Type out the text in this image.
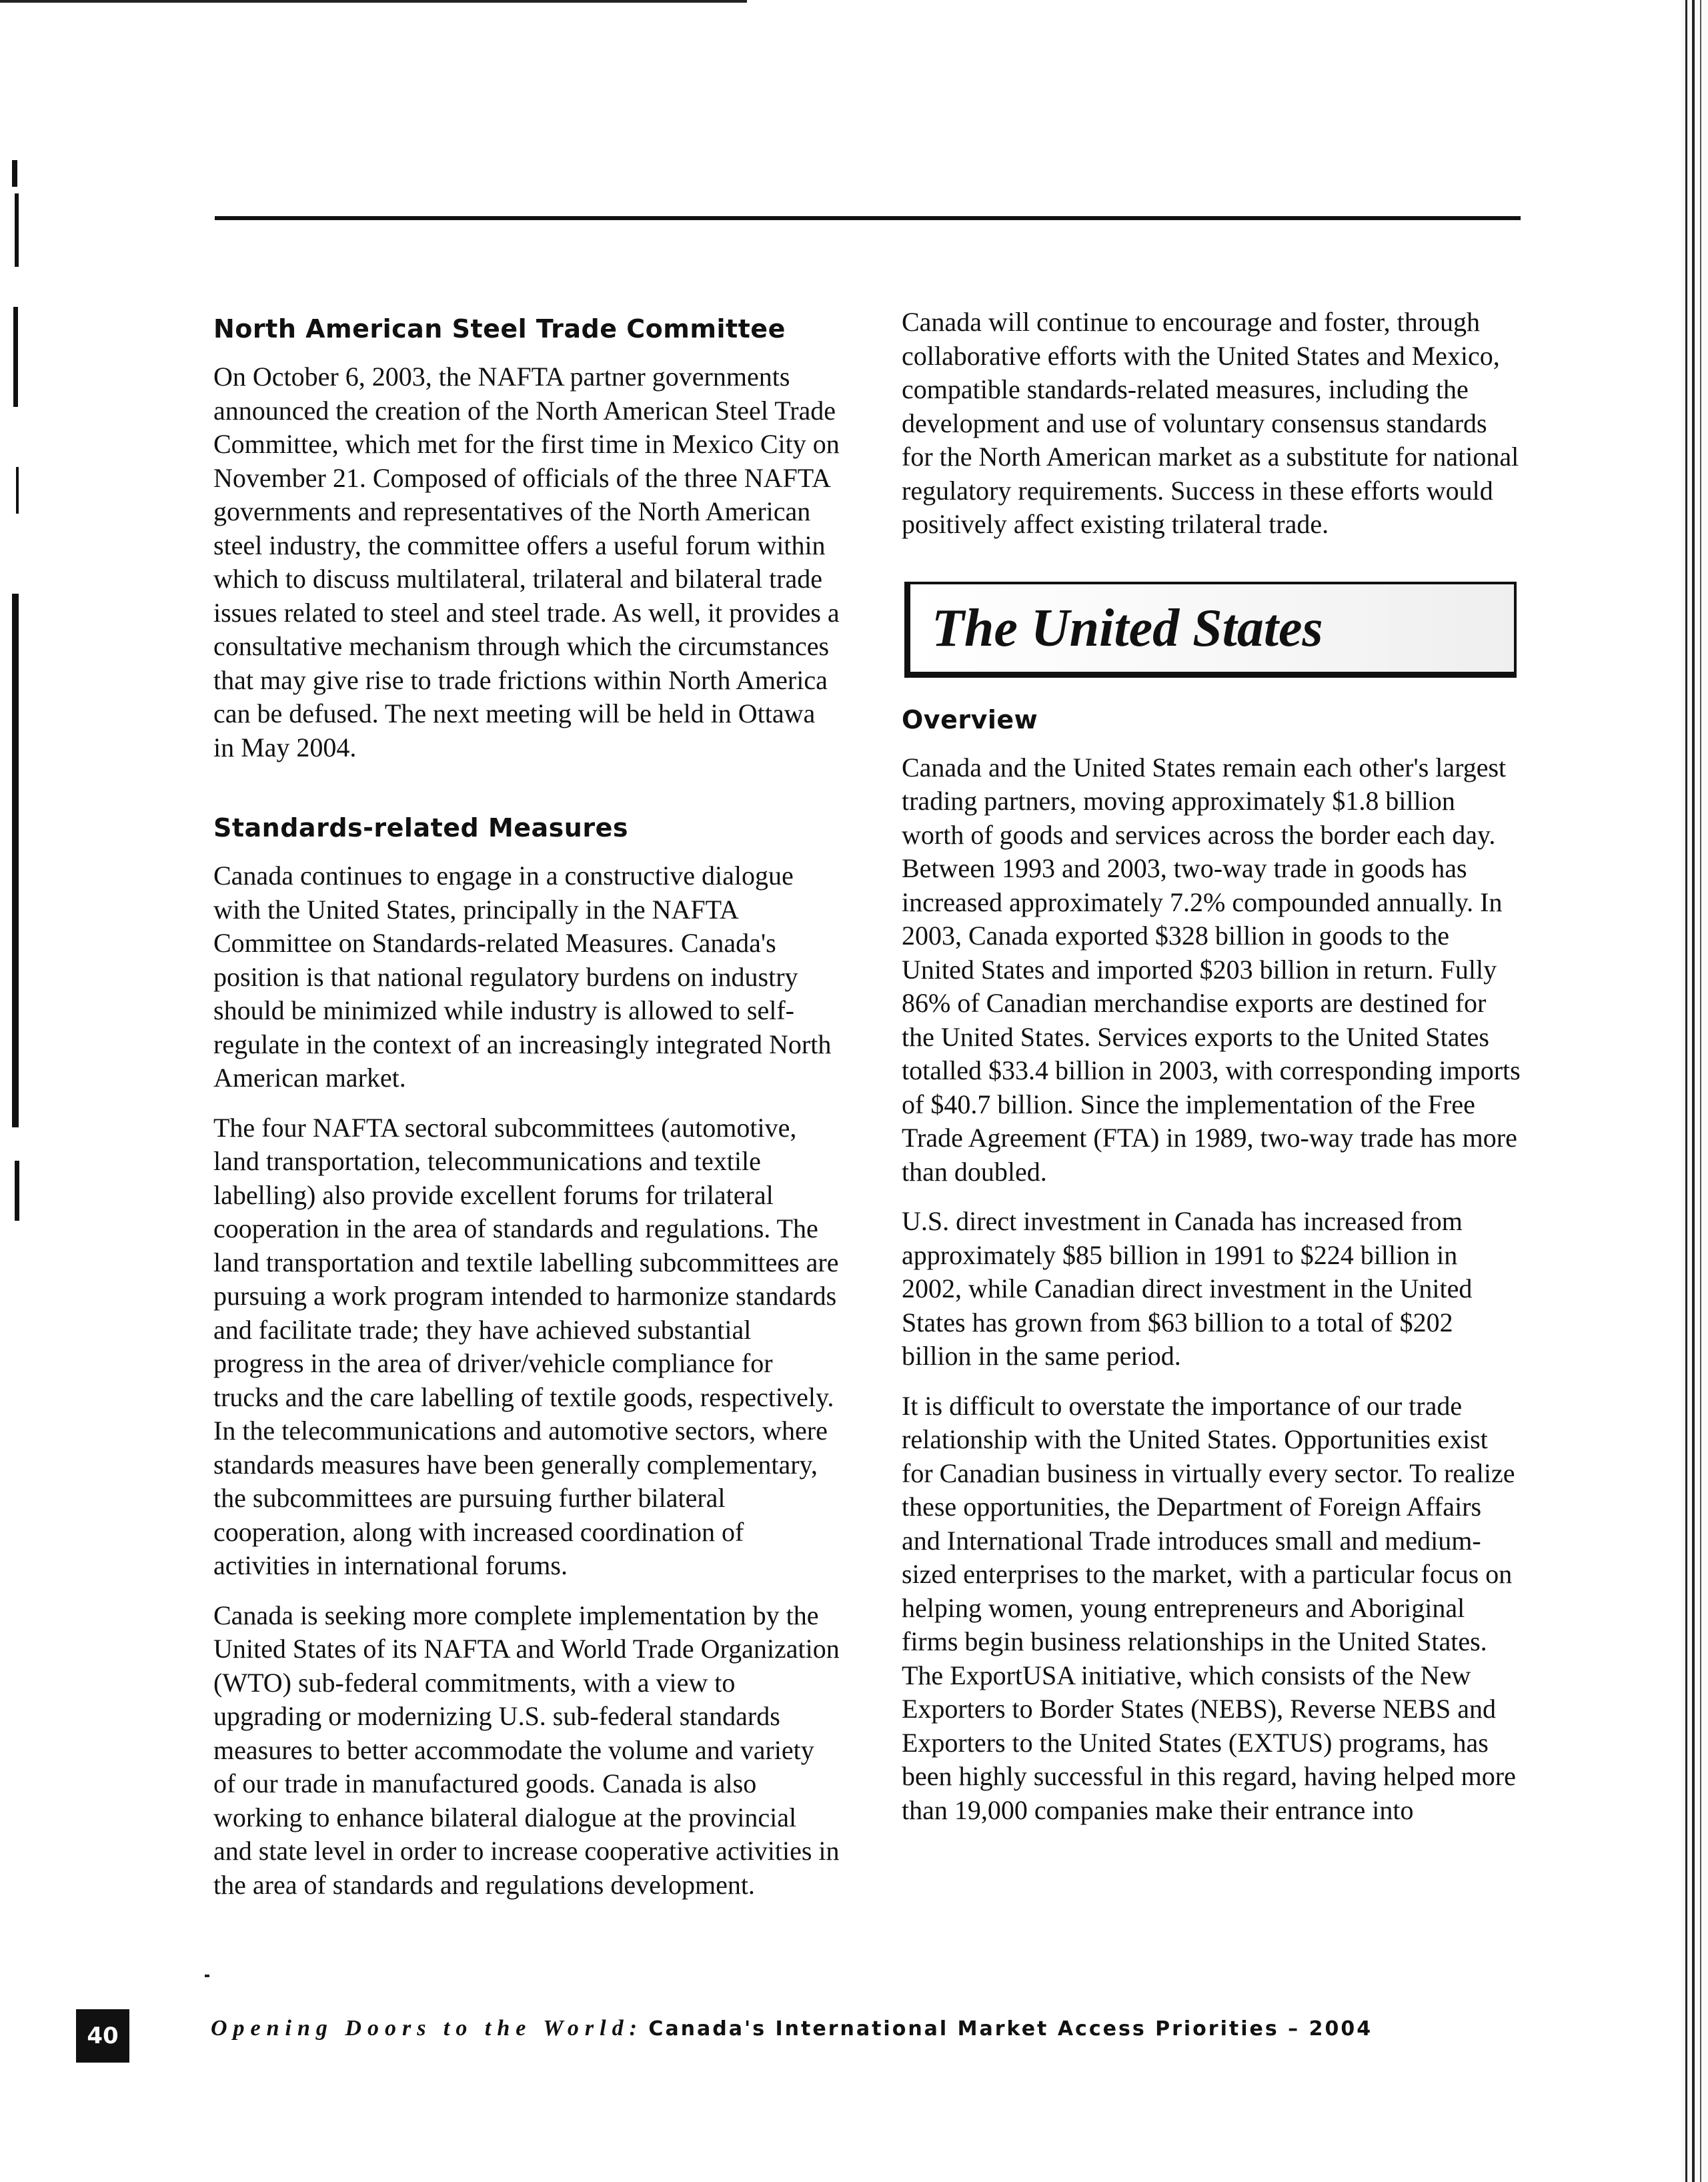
North American Steel Trade Committee

On October 6, 2003, the NAFTA partner governments announced the creation of the North American Steel Trade Committee, which met for the first time in Mexico City on November 21. Composed of officials of the three NAFTA governments and representatives of the North American steel industry, the committee offers a useful forum within which to discuss multilateral, trilateral and bilateral trade issues related to steel and steel trade. As well, it provides a consultative mechanism through which the circumstances that may give rise to trade frictions within North America can be defused. The next meeting will be held in Ottawa in May 2004.

Standards-related Measures

Canada continues to engage in a constructive dialogue with the United States, principally in the NAFTA Committee on Standards-related Measures. Canada's position is that national regulatory burdens on industry should be minimized while industry is allowed to self-regulate in the context of an increasingly integrated North American market.

The four NAFTA sectoral subcommittees (automotive, land transportation, telecommunications and textile labelling) also provide excellent forums for trilateral cooperation in the area of standards and regulations. The land transportation and textile labelling subcommittees are pursuing a work program intended to harmonize standards and facilitate trade; they have achieved substantial progress in the area of driver/vehicle compliance for trucks and the care labelling of textile goods, respectively. In the telecommunications and automotive sectors, where standards measures have been generally complementary, the subcommittees are pursuing further bilateral cooperation, along with increased coordination of activities in international forums.

Canada is seeking more complete implementation by the United States of its NAFTA and World Trade Organization (WTO) sub-federal commitments, with a view to upgrading or modernizing U.S. sub-federal standards measures to better accommodate the volume and variety of our trade in manufactured goods. Canada is also working to enhance bilateral dialogue at the provincial and state level in order to increase cooperative activities in the area of standards and regulations development.

Canada will continue to encourage and foster, through collaborative efforts with the United States and Mexico, compatible standards-related measures, including the development and use of voluntary consensus standards for the North American market as a substitute for national regulatory requirements. Success in these efforts would positively affect existing trilateral trade.

The United States
Overview

Canada and the United States remain each other's largest trading partners, moving approximately $1.8 billion worth of goods and services across the border each day. Between 1993 and 2003, two-way trade in goods has increased approximately 7.2% compounded annually. In 2003, Canada exported $328 billion in goods to the United States and imported $203 billion in return. Fully 86% of Canadian merchandise exports are destined for the United States. Services exports to the United States totalled $33.4 billion in 2003, with corresponding imports of $40.7 billion. Since the implementation of the Free Trade Agreement (FTA) in 1989, two-way trade has more than doubled.

U.S. direct investment in Canada has increased from approximately $85 billion in 1991 to $224 billion in 2002, while Canadian direct investment in the United States has grown from $63 billion to a total of $202 billion in the same period.

It is difficult to overstate the importance of our trade relationship with the United States. Opportunities exist for Canadian business in virtually every sector. To realize these opportunities, the Department of Foreign Affairs and International Trade introduces small and medium-sized enterprises to the market, with a particular focus on helping women, young entrepreneurs and Aboriginal firms begin business relationships in the United States. The ExportUSA initiative, which consists of the New Exporters to Border States (NEBS), Reverse NEBS and Exporters to the United States (EXTUS) programs, has been highly successful in this regard, having helped more than 19,000 companies make their entrance into

40	Opening Doors to the World: Canada's International Market Access Priorities – 2004
